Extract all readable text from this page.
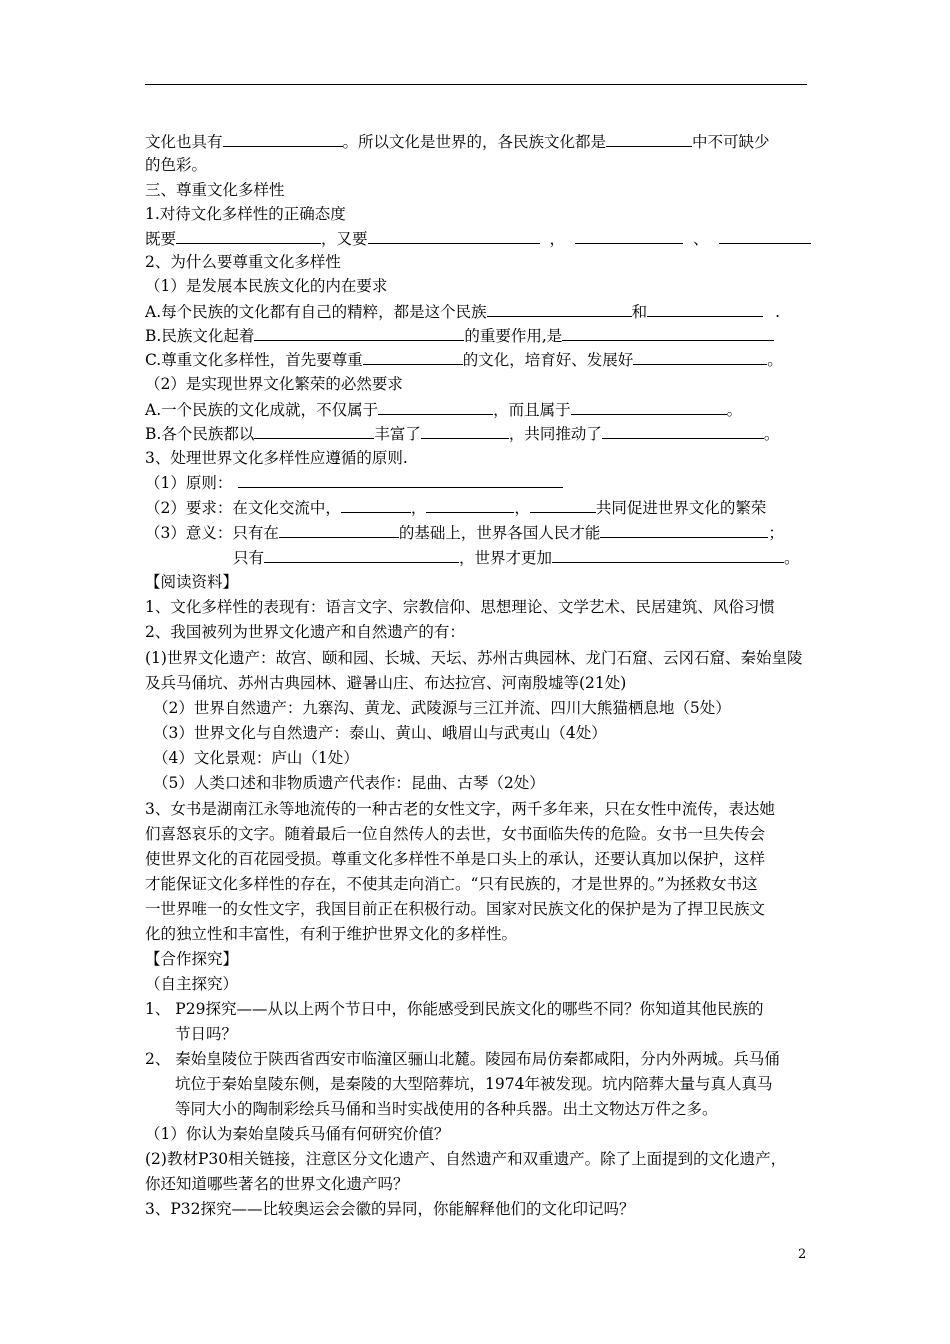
文化也具有	。所以文化是世界的，各民族文化都是	中不可缺少
的色彩。
三、尊重文化多样性
1.对待文化多样性的正确态度
既要	，又要	，	、
2、为什么要尊重文化多样性
（1）是发展本民族文化的内在要求
A.每个民族的文化都有自己的精粹，都是这个民族	和	.
B.民族文化起着	的重要作用,是
C.尊重文化多样性，首先要尊重	的文化，培育好、发展好	。
（2）是实现世界文化繁荣的必然要求
A.一个民族的文化成就，不仅属于	，而且属于	。
B.各个民族都以	丰富了	，共同推动了	。
3、处理世界文化多样性应遵循的原则.
（1）原则：
（2）要求：在文化交流中，	，	，	共同促进世界文化的繁荣
（3）意义：只有在	的基础上，世界各国人民才能	；
只有	，世界才更加	。
【阅读资料】
1、文化多样性的表现有：语言文字、宗教信仰、思想理论、文学艺术、民居建筑、风俗习惯
2、我国被列为世界文化遗产和自然遗产的有：
(1)世界文化遗产：故宫、颐和园、长城、天坛、苏州古典园林、龙门石窟、云冈石窟、秦始皇陵
及兵马俑坑、苏州古典园林、避暑山庄、布达拉宫、河南殷墟等(21处)
（2）世界自然遗产：九寨沟、黄龙、武陵源与三江并流、四川大熊猫栖息地（5处）
（3）世界文化与自然遗产：泰山、黄山、峨眉山与武夷山（4处）
（4）文化景观：庐山（1处）
（5）人类口述和非物质遗产代表作：昆曲、古琴（2处）
3、女书是湖南江永等地流传的一种古老的女性文字，两千多年来，只在女性中流传，表达她
们喜怒哀乐的文字。随着最后一位自然传人的去世，女书面临失传的危险。女书一旦失传会
使世界文化的百花园受损。尊重文化多样性不单是口头上的承认，还要认真加以保护，这样
才能保证文化多样性的存在，不使其走向消亡。“只有民族的，才是世界的。”为拯救女书这
一世界唯一的女性文字，我国目前正在积极行动。国家对民族文化的保护是为了捍卫民族文
化的独立性和丰富性，有利于维护世界文化的多样性。
【合作探究】
（自主探究）
1、 P29探究——从以上两个节日中，你能感受到民族文化的哪些不同？你知道其他民族的
节日吗？
2、 秦始皇陵位于陕西省西安市临潼区骊山北麓。陵园布局仿秦都咸阳，分内外两城。兵马俑
坑位于秦始皇陵东侧，是秦陵的大型陪葬坑，1974年被发现。坑内陪葬大量与真人真马
等同大小的陶制彩绘兵马俑和当时实战使用的各种兵器。出土文物达万件之多。
（1）你认为秦始皇陵兵马俑有何研究价值？
(2)教材P30相关链接，注意区分文化遗产、自然遗产和双重遗产。除了上面提到的文化遗产，
你还知道哪些著名的世界文化遗产吗？
3、P32探究——比较奥运会会徽的异同，你能解释他们的文化印记吗？
2
